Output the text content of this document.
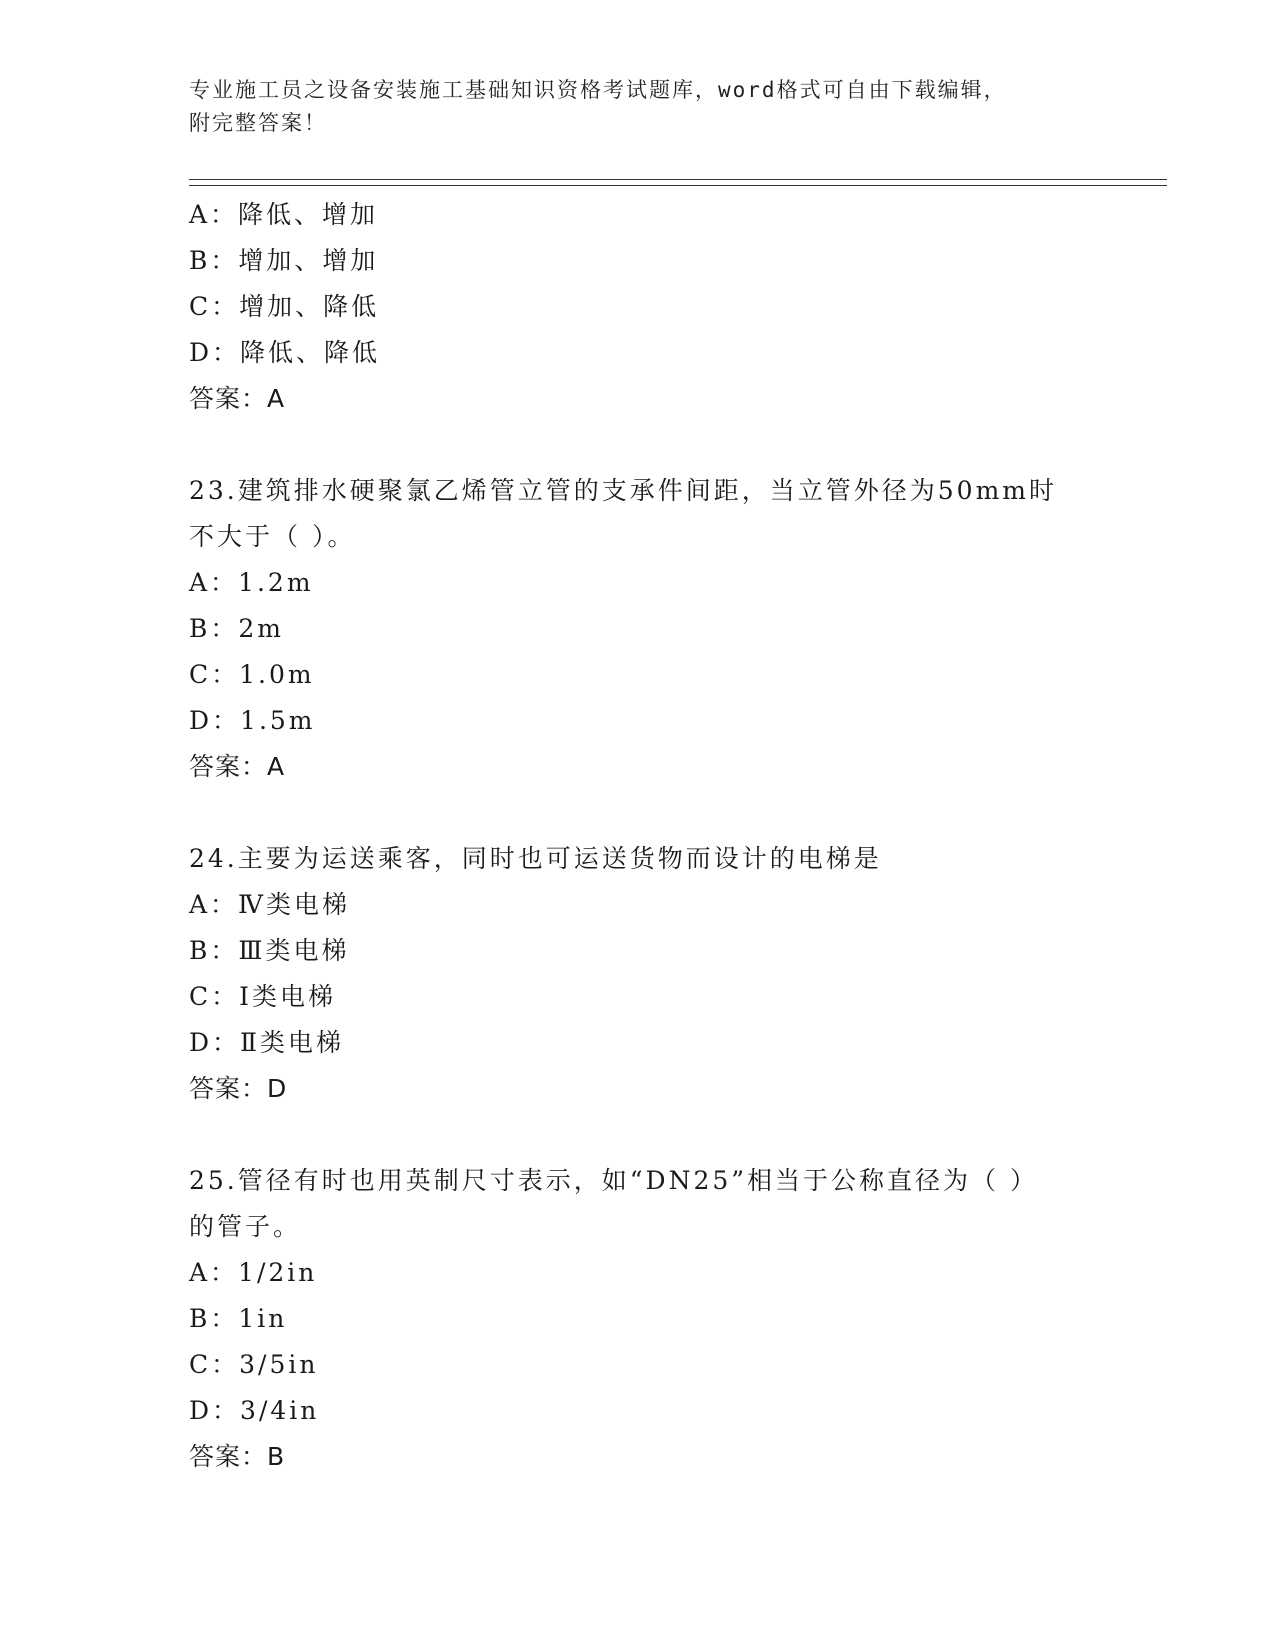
专业施工员之设备安装施工基础知识资格考试题库，word格式可自由下载编辑，
附完整答案！
A：降低、增加
B：增加、增加
C：增加、降低
D：降低、降低
答案：A
23.建筑排水硬聚氯乙烯管立管的支承件间距，当立管外径为50mm时
不大于（ ）。
A：1.2m
B：2m
C：1.0m
D：1.5m
答案：A
24.主要为运送乘客，同时也可运送货物而设计的电梯是
A：Ⅳ类电梯
B：Ⅲ类电梯
C：Ⅰ类电梯
D：Ⅱ类电梯
答案：D
25.管径有时也用英制尺寸表示，如“DN25”相当于公称直径为（ ）
的管子。
A：1/2in
B：1in
C：3/5in
D：3/4in
答案：B
